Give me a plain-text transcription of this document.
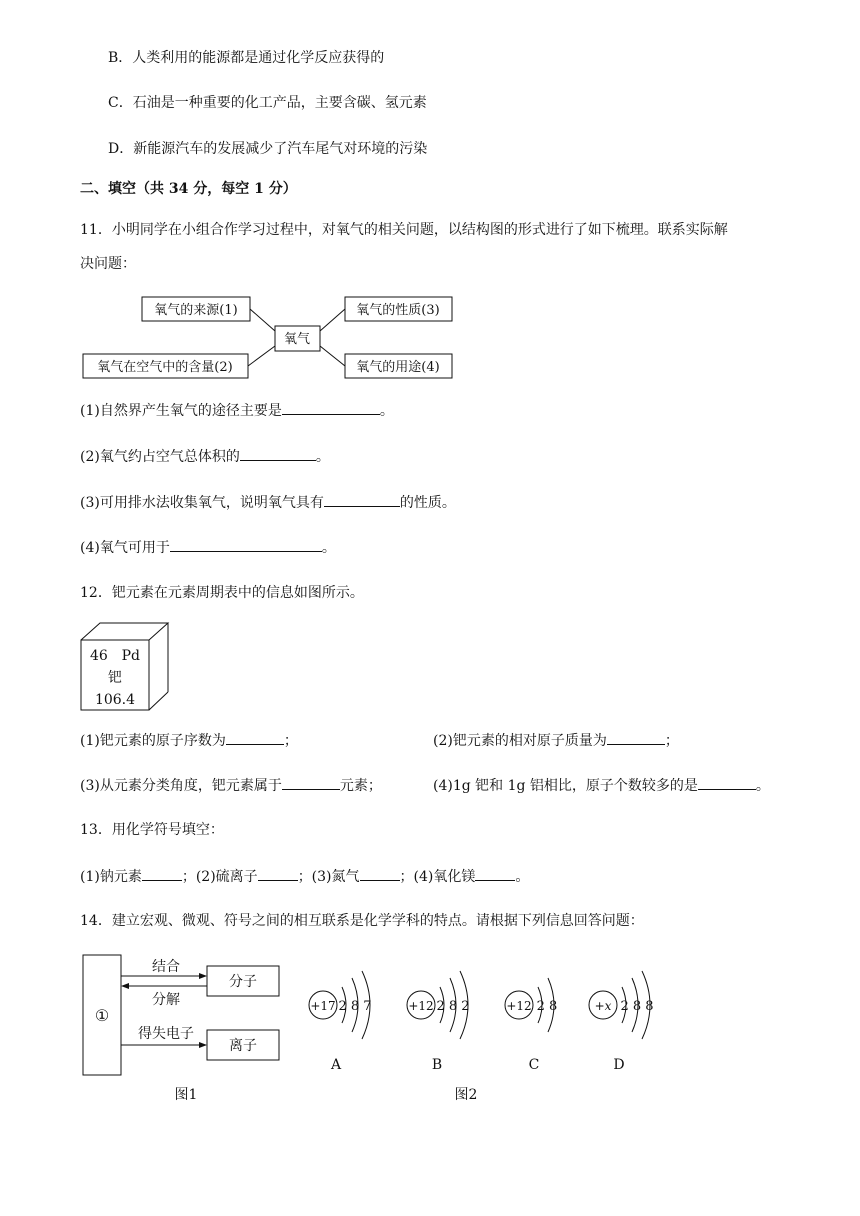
B．人类利用的能源都是通过化学反应获得的
C．石油是一种重要的化工产品，主要含碳、氢元素
D．新能源汽车的发展减少了汽车尾气对环境的污染
二、填空（共 34 分，每空 1 分）
11．小明同学在小组合作学习过程中，对氧气的相关问题，以结构图的形式进行了如下梳理。联系实际解
决问题：
氧气的来源(1)
氧气在空气中的含量(2)
氧气
氧气的性质(3)
氧气的用途(4)
(1)自然界产生氧气的途径主要是	。
(2)氧气约占空气总体积的	。
(3)可用排水法收集氧气，说明氧气具有	的性质。
(4)氧气可用于	。
12．钯元素在元素周期表中的信息如图所示。
46 Pd
钯
106.4
(1)钯元素的原子序数为	；	(2)钯元素的相对原子质量为	；
(3)从元素分类角度，钯元素属于	元素；	(4)1g 钯和 1g 铝相比，原子个数较多的是	。
13．用化学符号填空：
(1)钠元素	；(2)硫离子	；(3)氮气	；(4)氧化镁	。
14．建立宏观、微观、符号之间的相互联系是化学学科的特点。请根据下列信息回答问题：
①
结合
分解
得失电子
分子
离子
图1
+17 2 8 7
A
+12 2 8 2
B
+12 2 8
C
+x 2 8 8
D
图2
